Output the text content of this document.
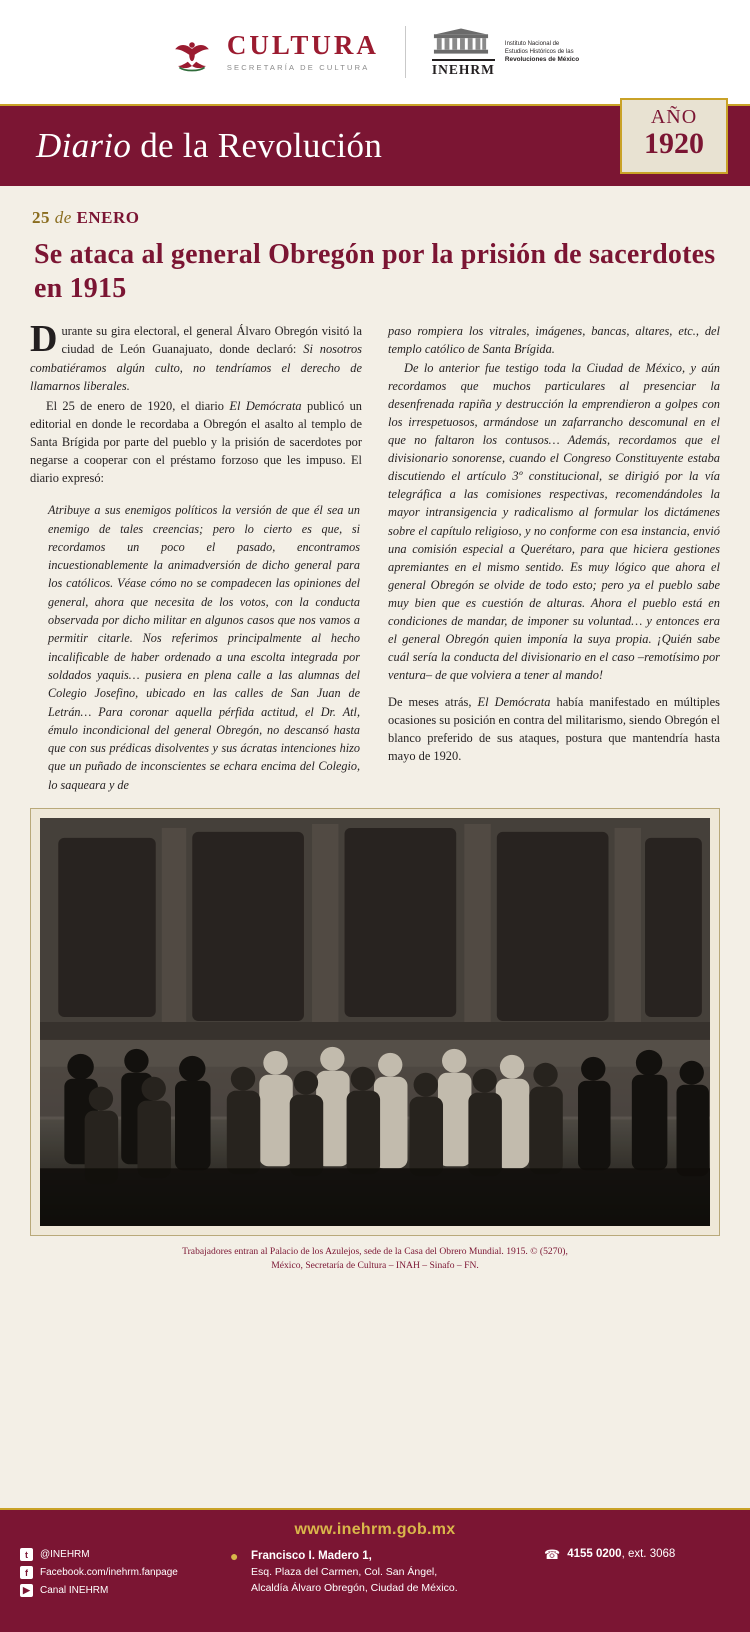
CULTURA
SECRETARÍA DE CULTURA	INEHRM
Instituto Nacional de
Estudios Históricos de las
Revoluciones de México
Diario de la Revolución
AÑO
1920
25 de ENERO
Se ataca al general Obregón por la prisión de sacerdotes en 1915

Durante su gira electoral, el general Álvaro Obregón visitó la ciudad de León Guanajuato, donde declaró: Si nosotros combatiéramos algún culto, no tendríamos el derecho de llamarnos liberales.

El 25 de enero de 1920, el diario El Demócrata publicó un editorial en donde le recordaba a Obregón el asalto al templo de Santa Brígida por parte del pueblo y la prisión de sacerdotes por negarse a cooperar con el préstamo forzoso que les impuso. El diario expresó:

Atribuye a sus enemigos políticos la versión de que él sea un enemigo de tales creencias; pero lo cierto es que, si recordamos un poco el pasado, encontramos incuestionablemente la animadversión de dicho general para los católicos. Véase cómo no se compadecen las opiniones del general, ahora que necesita de los votos, con la conducta observada por dicho militar en algunos casos que nos vamos a permitir citarle. Nos referimos principalmente al hecho incalificable de haber ordenado a una escolta integrada por soldados yaquis… pusiera en plena calle a las alumnas del Colegio Josefino, ubicado en las calles de San Juan de Letrán… Para coronar aquella pérfida actitud, el Dr. Atl, émulo incondicional del general Obregón, no descansó hasta que con sus prédicas disolventes y sus ácratas intenciones hizo que un puñado de inconscientes se echara encima del Colegio, lo saqueara y de

paso rompiera los vitrales, imágenes, bancas, altares, etc., del templo católico de Santa Brígida.

De lo anterior fue testigo toda la Ciudad de México, y aún recordamos que muchos particulares al presenciar la desenfrenada rapiña y destrucción la emprendieron a golpes con los irrespetuosos, armándose un zafarrancho descomunal en el que no faltaron los contusos… Además, recordamos que el divisionario sonorense, cuando el Congreso Constituyente estaba discutiendo el artículo 3º constitucional, se dirigió por la vía telegráfica a las comisiones respectivas, recomendándoles la mayor intransigencia y radicalismo al formular los dictámenes sobre el capítulo religioso, y no conforme con esa instancia, envió una comisión especial a Querétaro, para que hiciera gestiones apremiantes en el mismo sentido. Es muy lógico que ahora el general Obregón se olvide de todo esto; pero ya el pueblo sabe muy bien que es cuestión de alturas. Ahora el pueblo está en condiciones de mandar, de imponer su voluntad… y entonces era el general Obregón quien imponía la suya propia. ¡Quién sabe cuál sería la conducta del divisionario en el caso –remotísimo por ventura– de que volviera a tener al mando!

De meses atrás, El Demócrata había manifestado en múltiples ocasiones su posición en contra del militarismo, siendo Obregón el blanco preferido de sus ataques, postura que mantendría hasta mayo de 1920.

Trabajadores entran al Palacio de los Azulejos, sede de la Casa del Obrero Mundial. 1915. © (5270),
México, Secretaría de Cultura – INAH – Sinafo – FN.
www.inehrm.gob.mx
t	@INEHRM
f	Facebook.com/inehrm.fanpage
▶	Canal INEHRM
●	Francisco I. Madero 1,
Esq. Plaza del Carmen, Col. San Ángel,
Alcaldía Álvaro Obregón, Ciudad de México.
☎ 4155 0200, ext. 3068
